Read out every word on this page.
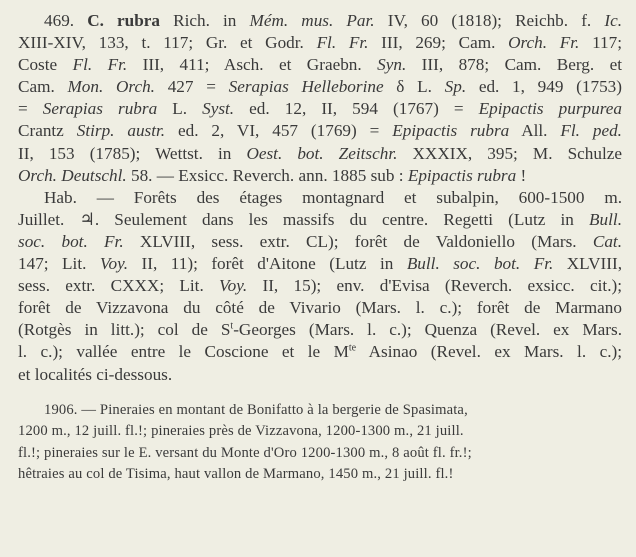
469. C. rubra Rich. in Mém. mus. Par. IV, 60 (1818); Reichb. f. Ic.
XIII-XIV, 133, t. 117; Gr. et Godr. Fl. Fr. III, 269; Cam. Orch. Fr. 117;
Coste Fl. Fr. III, 411; Asch. et Graebn. Syn. III, 878; Cam. Berg. et
Cam. Mon. Orch. 427 = Serapias Helleborine δ L. Sp. ed. 1, 949 (1753)
= Serapias rubra L. Syst. ed. 12, II, 594 (1767) = Epipactis purpurea
Crantz Stirp. austr. ed. 2, VI, 457 (1769) = Epipactis rubra All. Fl. ped.
II, 153 (1785); Wettst. in Oest. bot. Zeitschr. XXXIX, 395; M. Schulze
Orch. Deutschl. 58. — Exsicc. Reverch. ann. 1885 sub : Epipactis rubra !
Hab. — Forêts des étages montagnard et subalpin, 600-1500 m.
Juillet. ♃. Seulement dans les massifs du centre. Regetti (Lutz in Bull.
soc. bot. Fr. XLVIII, sess. extr. CL); forêt de Valdoniello (Mars. Cat.
147; Lit. Voy. II, 11); forêt d'Aitone (Lutz in Bull. soc. bot. Fr. XLVIII,
sess. extr. CXXX; Lit. Voy. II, 15); env. d'Evisa (Reverch. exsicc. cit.);
forêt de Vizzavona du côté de Vivario (Mars. l. c.); forêt de Marmano
(Rotgès in litt.); col de $S^t$-Georges (Mars. l. c.); Quenza (Revel. ex Mars.
l. c.); vallée entre le Coscione et le $M^{te}$ Asinao (Revel. ex Mars. l. c.);
et localités ci-dessous.
1906. — Pineraies en montant de Bonifatto à la bergerie de Spasimata,
1200 m., 12 juill. fl.!; pineraies près de Vizzavona, 1200-1300 m., 21 juill.
fl.!; pineraies sur le E. versant du Monte d'Oro 1200-1300 m., 8 août fl. fr.!;
hêtraies au col de Tisima, haut vallon de Marmano, 1450 m., 21 juill. fl.!
